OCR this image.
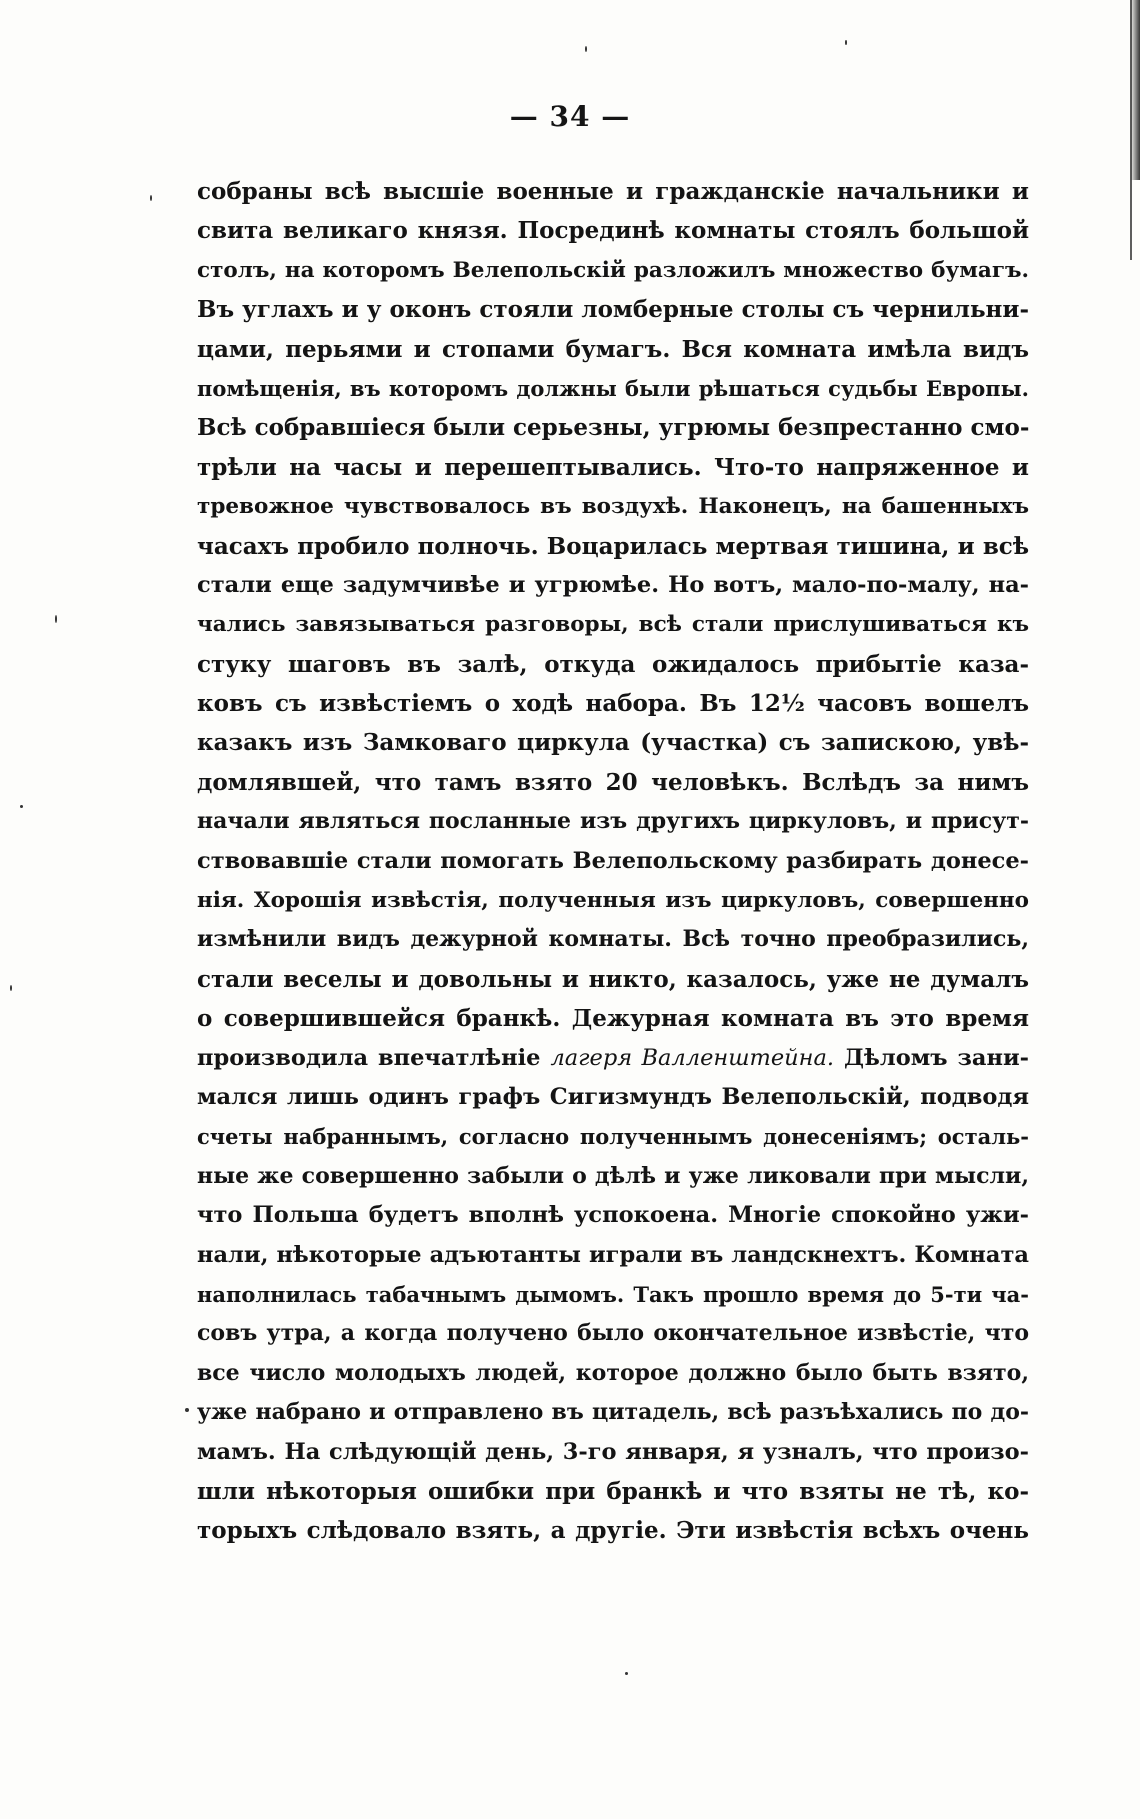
— 34 —
собраны всѣ высшіе военные и гражданскіе начальники и
свита великаго князя. Посрединѣ комнаты стоялъ большой
столъ, на которомъ Велепольскій разложилъ множество бумагъ.
Въ углахъ и у оконъ стояли ломберные столы съ чернильни-
цами, перьями и стопами бумагъ. Вся комната имѣла видъ
помѣщенія, въ которомъ должны были рѣшаться судьбы Европы.
Всѣ собравшіеся были серьезны, угрюмы безпрестанно смо-
трѣли на часы и перешептывались. Что-то напряженное и
тревожное чувствовалось въ воздухѣ. Наконецъ, на башенныхъ
часахъ пробило полночь. Воцарилась мертвая тишина, и всѣ
стали еще задумчивѣе и угрюмѣе. Но вотъ, мало-по-малу, на-
чались завязываться разговоры, всѣ стали прислушиваться къ
стуку шаговъ въ залѣ, откуда ожидалось прибытіе каза-
ковъ съ извѣстіемъ о ходѣ набора. Въ 12½ часовъ вошелъ
казакъ изъ Замковаго циркула (участка) съ запискою, увѣ-
домлявшей, что тамъ взято 20 человѣкъ. Вслѣдъ за нимъ
начали являться посланные изъ другихъ циркуловъ, и присут-
ствовавшіе стали помогать Велепольскому разбирать донесе-
нія. Хорошія извѣстія, полученныя изъ циркуловъ, совершенно
измѣнили видъ дежурной комнаты. Всѣ точно преобразились,
стали веселы и довольны и никто, казалось, уже не думалъ
о совершившейся бранкѣ. Дежурная комната въ это время
производила впечатлѣніе лагеря Валленштейна. Дѣломъ зани-
мался лишь одинъ графъ Сигизмундъ Велепольскій, подводя
счеты набраннымъ, согласно полученнымъ донесеніямъ; осталь-
ные же совершенно забыли о дѣлѣ и уже ликовали при мысли,
что Польша будетъ вполнѣ успокоена. Многіе спокойно ужи-
нали, нѣкоторые адъютанты играли въ ландскнехтъ. Комната
наполнилась табачнымъ дымомъ. Такъ прошло время до 5-ти ча-
совъ утра, а когда получено было окончательное извѣстіе, что
все число молодыхъ людей, которое должно было быть взято,
уже набрано и отправлено въ цитадель, всѣ разъѣхались по до-
мамъ. На слѣдующій день, 3-го января, я узналъ, что произо-
шли нѣкоторыя ошибки при бранкѣ и что взяты не тѣ, ко-
торыхъ слѣдовало взять, а другіе. Эти извѣстія всѣхъ очень
